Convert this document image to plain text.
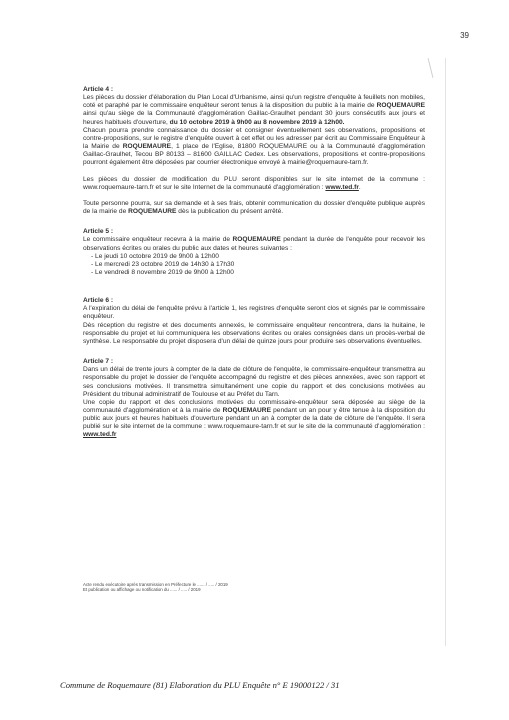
39
Article 4 :

Les pièces du dossier d'élaboration du Plan Local d'Urbanisme, ainsi qu'un registre d'enquête à feuillets non mobiles, coté et paraphé par le commissaire enquêteur seront tenus à la disposition du public à la mairie de ROQUEMAURE ainsi qu'au siège de la Communauté d'agglomération Gaillac-Graulhet pendant 30 jours consécutifs aux jours et heures habituels d'ouverture, du 10 octobre 2019 à 9h00 au 8 novembre 2019 à 12h00.

Chacun pourra prendre connaissance du dossier et consigner éventuellement ses observations, propositions et contre-propositions, sur le registre d'enquête ouvert à cet effet ou les adresser par écrit au Commissaire Enquêteur à la Mairie de ROQUEMAURE, 1 place de l'Eglise, 81800 ROQUEMAURE ou à la Communauté d'agglomération Gaillac-Graulhet, Tecou BP 80133 – 81600 GAILLAC Cedex. Les observations, propositions et contre-propositions pourront également être déposées par courrier électronique envoyé à mairie@roquemaure-tarn.fr.

Les pièces du dossier de modification du PLU seront disponibles sur le site internet de la commune : www.roquemaure-tarn.fr et sur le site Internet de la communauté d'agglomération : www.ted.fr.

Toute personne pourra, sur sa demande et à ses frais, obtenir communication du dossier d'enquête publique auprès de la mairie de ROQUEMAURE dès la publication du présent arrêté.

Article 5 :

Le commissaire enquêteur recevra à la mairie de ROQUEMAURE pendant la durée de l'enquête pour recevoir les observations écrites ou orales du public aux dates et heures suivantes :

- Le jeudi 10 octobre 2019 de 9h00 à 12h00
- Le mercredi 23 octobre 2019 de 14h30 à 17h30
- Le vendredi 8 novembre 2019 de 9h00 à 12h00
Article 6 :

A l'expiration du délai de l'enquête prévu à l'article 1, les registres d'enquête seront clos et signés par le commissaire enquêteur.

Dès réception du registre et des documents annexés, le commissaire enquêteur rencontrera, dans la huitaine, le responsable du projet et lui communiquera les observations écrites ou orales consignées dans un procès-verbal de synthèse. Le responsable du projet disposera d'un délai de quinze jours pour produire ses observations éventuelles.

Article 7 :

Dans un délai de trente jours à compter de la date de clôture de l'enquête, le commissaire-enquêteur transmettra au responsable du projet le dossier de l'enquête accompagné du registre et des pièces annexées, avec son rapport et ses conclusions motivées. Il transmettra simultanément une copie du rapport et des conclusions motivées au Président du tribunal administratif de Toulouse et au Préfet du Tarn.

Une copie du rapport et des conclusions motivées du commissaire-enquêteur sera déposée au siège de la communauté d'agglomération et à la mairie de ROQUEMAURE pendant un an pour y être tenue à la disposition du public aux jours et heures habituels d'ouverture pendant un an à compter de la date de clôture de l'enquête. Il sera publié sur le site internet de la commune : www.roquemaure-tarn.fr et sur le site de la communauté d'agglomération : www.ted.fr

Acte rendu exécutoire après transmission en Préfecture le ...... / ..... / 2019
Et publication ou affichage ou notification du ...... / ..... / 2019
Commune de Roquemaure (81) Elaboration du PLU Enquête n° E 19000122 / 31
